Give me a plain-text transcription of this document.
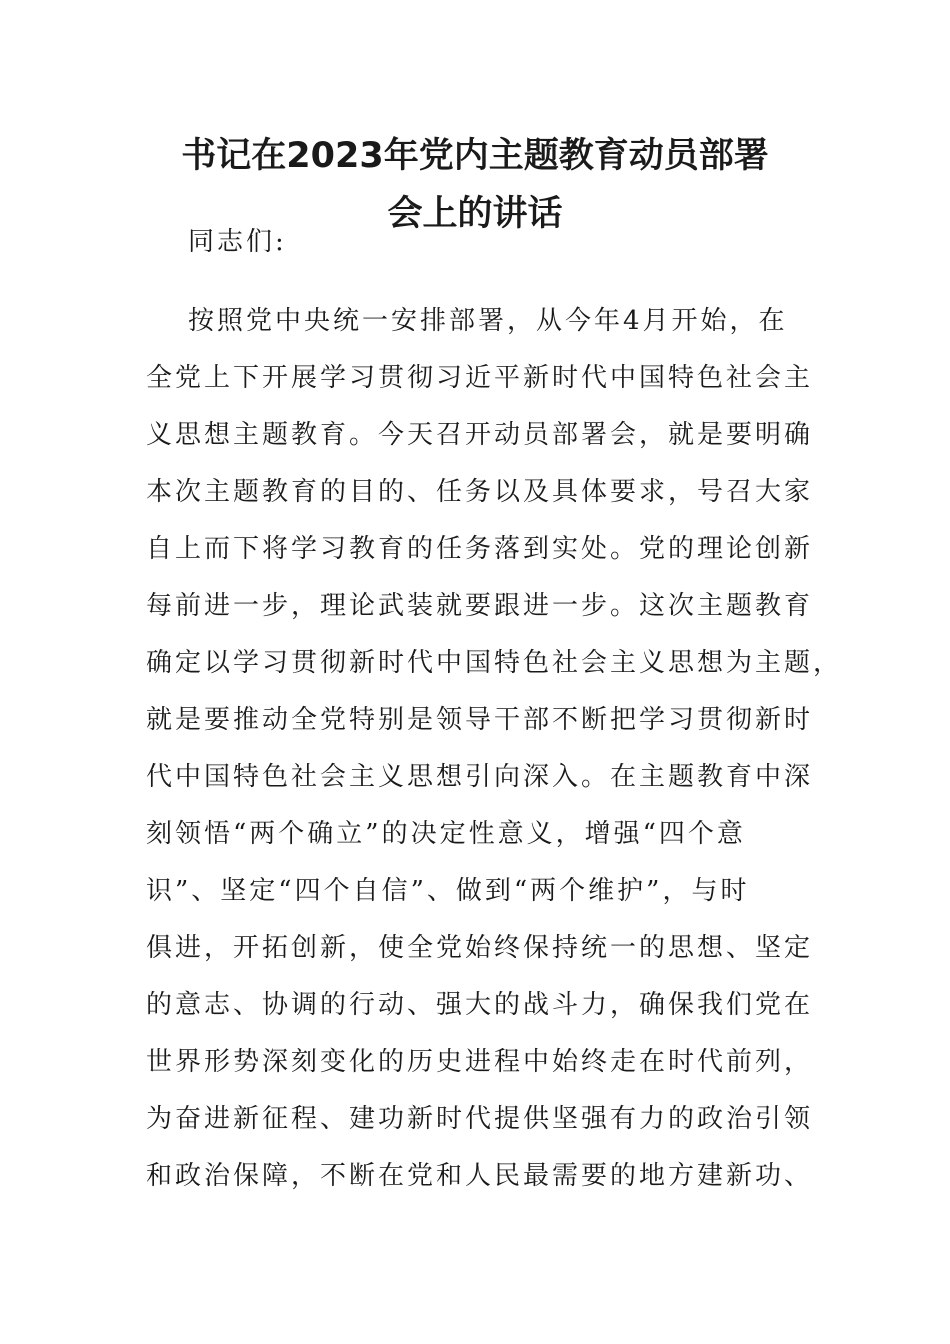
书记在2023年党内主题教育动员部署
会上的讲话

同志们:

按照党中央统一安排部署，从今年4月开始，在

全党上下开展学习贯彻习近平新时代中国特色社会主

义思想主题教育。今天召开动员部署会，就是要明确

本次主题教育的目的、任务以及具体要求，号召大家

自上而下将学习教育的任务落到实处。党的理论创新

每前进一步，理论武装就要跟进一步。这次主题教育

确定以学习贯彻新时代中国特色社会主义思想为主题，

就是要推动全党特别是领导干部不断把学习贯彻新时

代中国特色社会主义思想引向深入。在主题教育中深

刻领悟“两个确立”的决定性意义，增强“四个意

识”、坚定“四个自信”、做到“两个维护”，与时

俱进，开拓创新，使全党始终保持统一的思想、坚定

的意志、协调的行动、强大的战斗力，确保我们党在

世界形势深刻变化的历史进程中始终走在时代前列，

为奋进新征程、建功新时代提供坚强有力的政治引领

和政治保障，不断在党和人民最需要的地方建新功、
